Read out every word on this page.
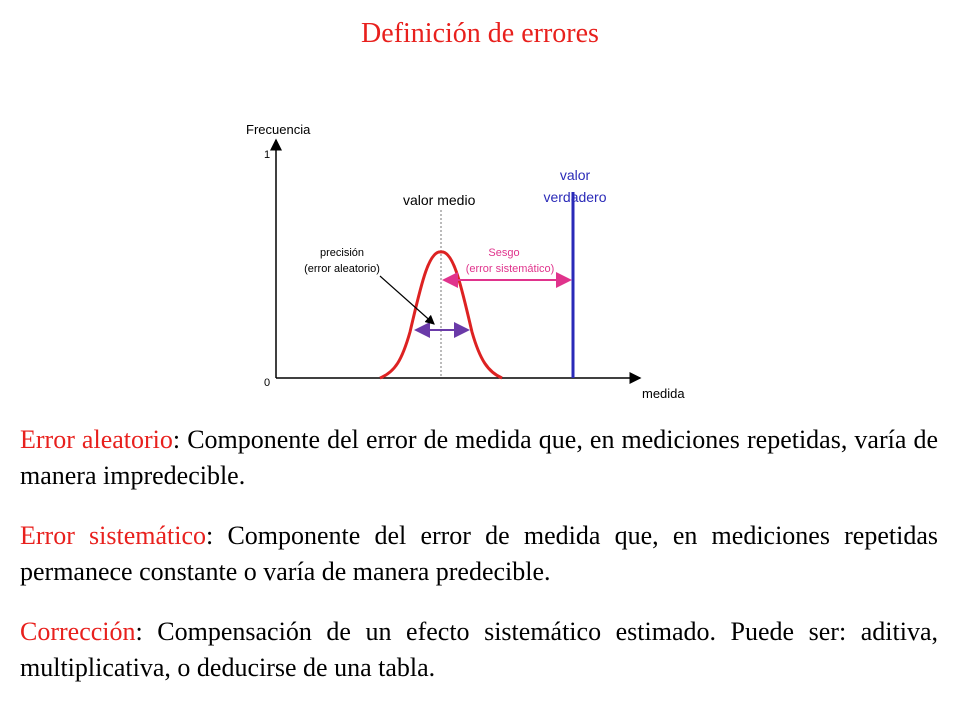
Definición de errores
Frecuencia
medida
1
0
valor medio
valor
verdadero
precisión
(error aleatorio)
Sesgo
(error sistemático)
Error aleatorio: Componente del error de medida que, en mediciones repetidas, varía de manera impredecible.
Error sistemático: Componente del error de medida que, en mediciones repetidas permanece constante o varía de manera predecible.
Corrección: Compensación de un efecto sistemático estimado. Puede ser: aditiva, multiplicativa, o deducirse de una tabla.
